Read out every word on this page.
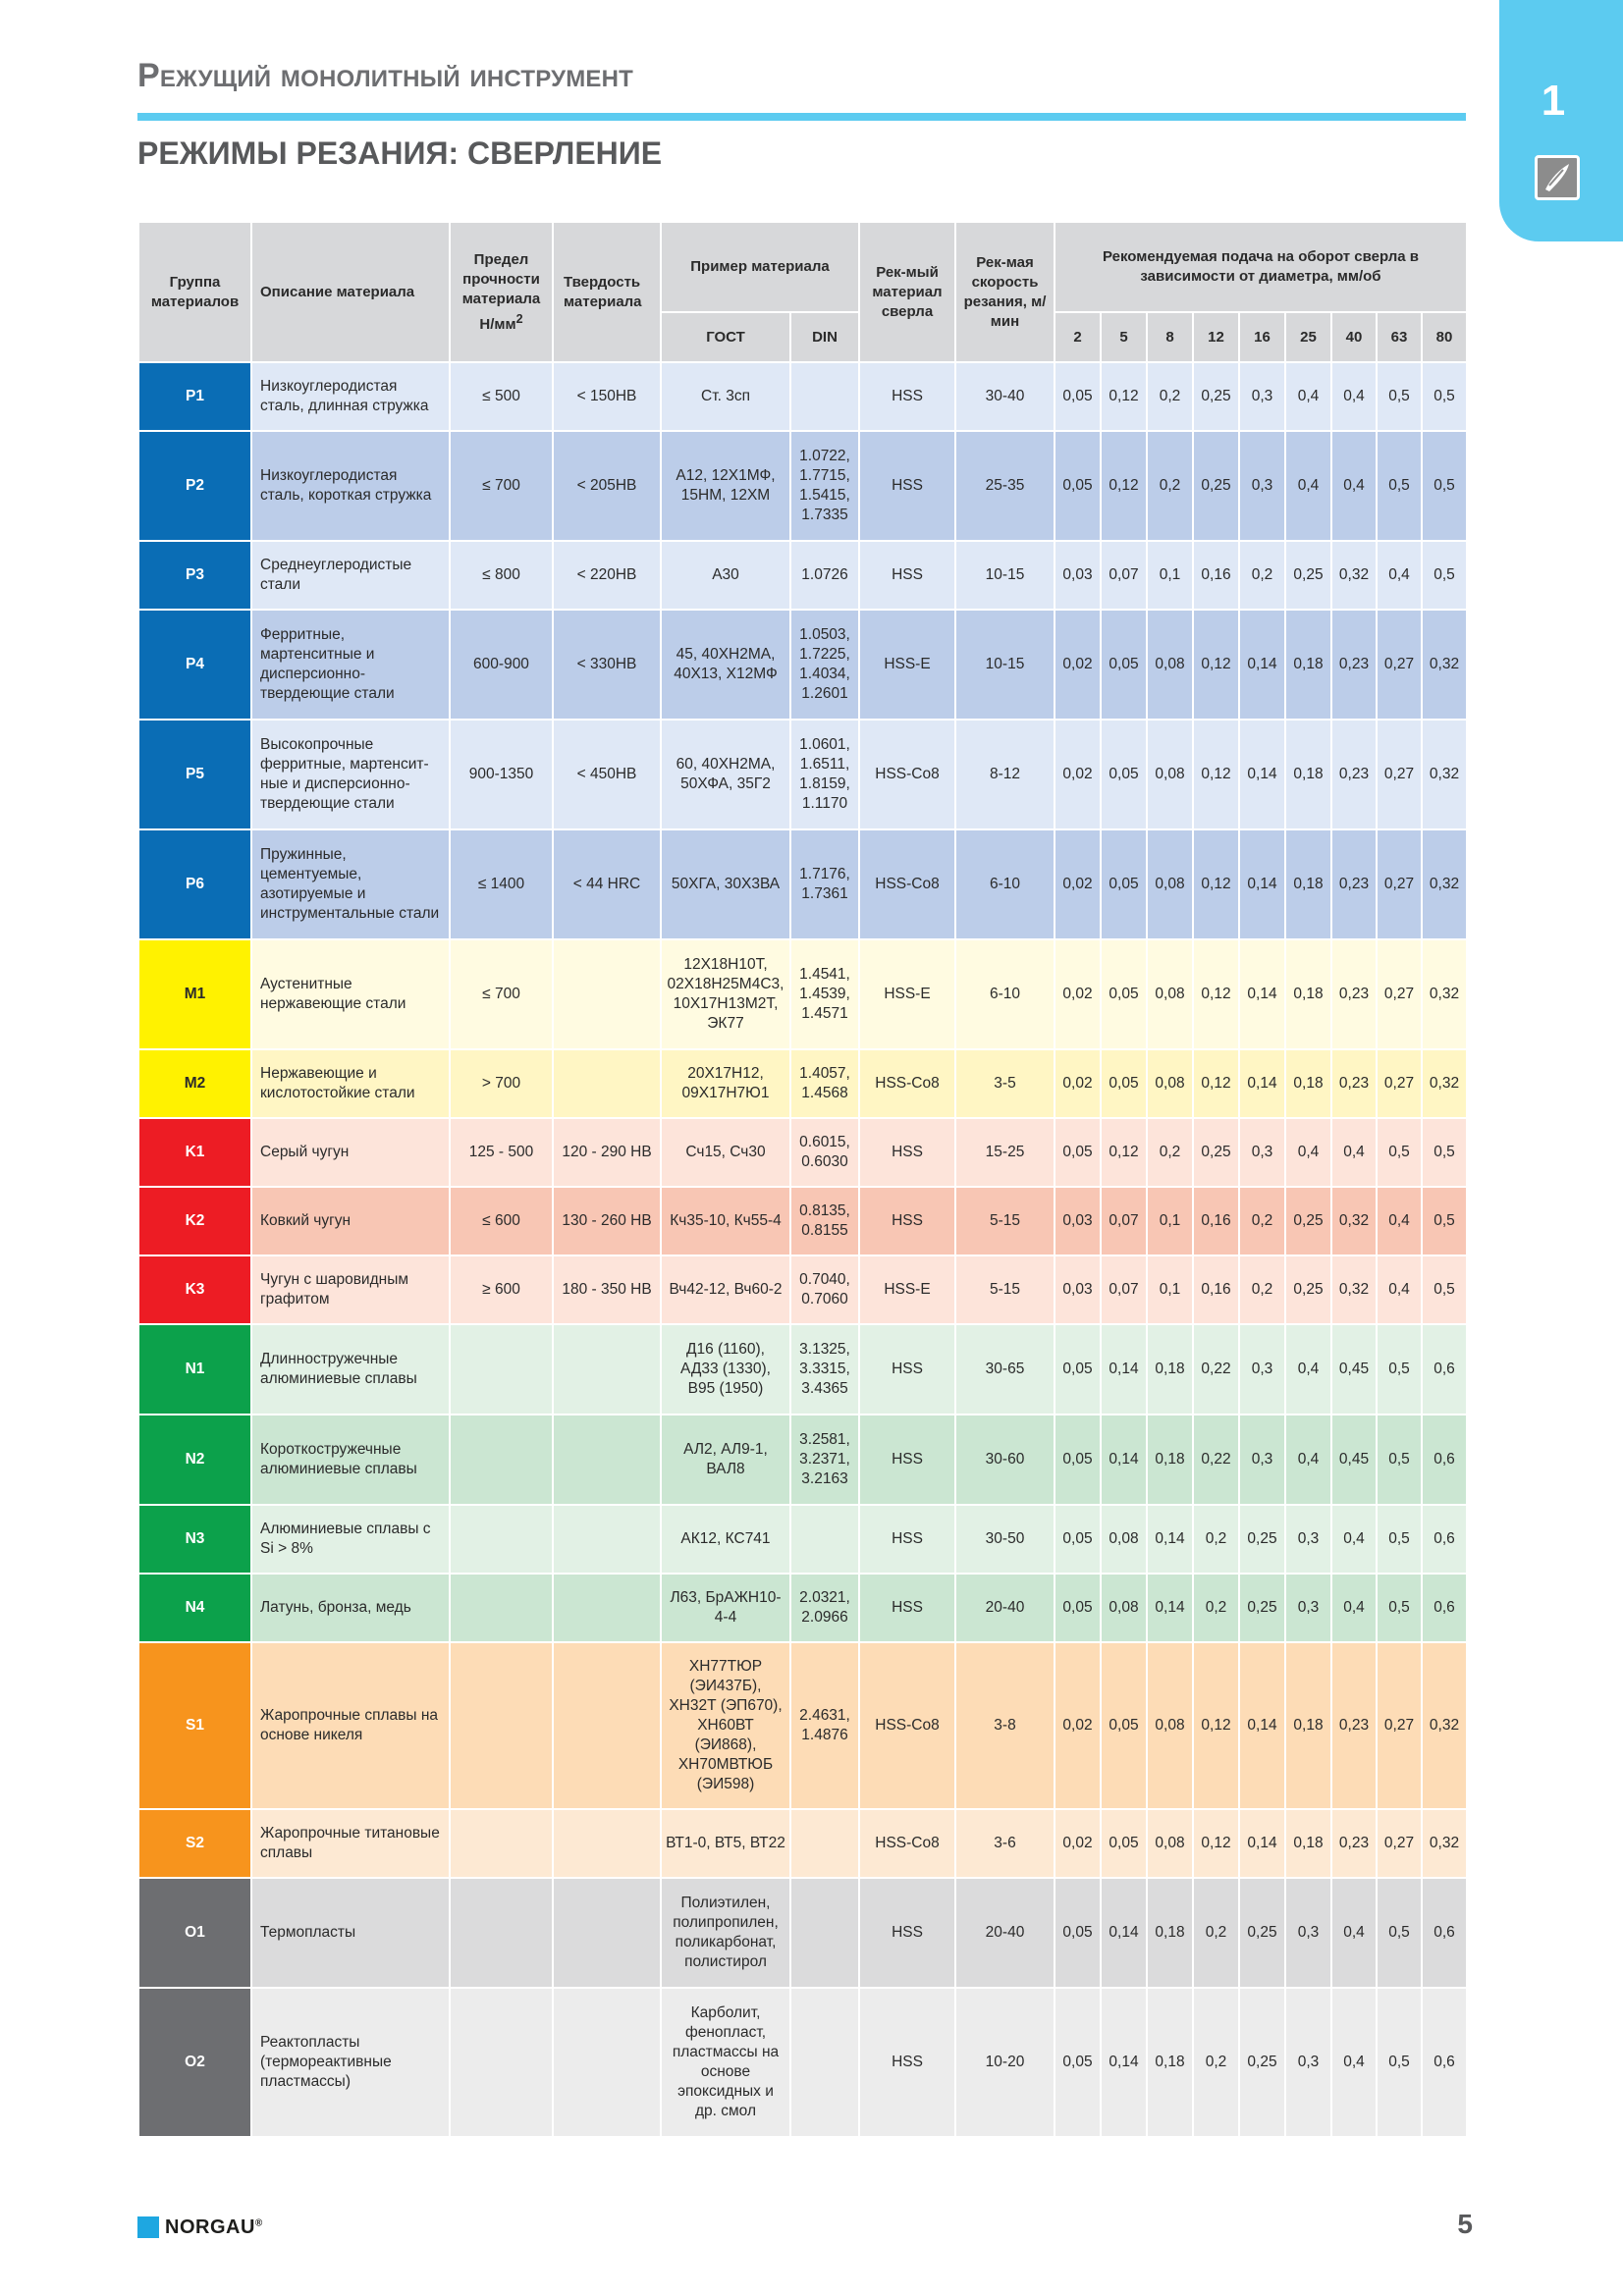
Режущий монолитный инструмент
РЕЖИМЫ РЕЗАНИЯ: СВЕРЛЕНИЕ
1
Группа материалов	Описание материала	Предел прочности материала $Н/мм^2$	Твердость материала	Пример материала		Рек-мый материал сверла	Рек-мая скорость резания, м/мин	Рекомендуемая подача на оборот сверла в зависимости от диаметра, мм/об								
				ГОСТ	DIN			2	5	8	12	16	25	40	63	80
P1	Низкоуглеродистая сталь, длинная стружка	≤ 500	< 150HB	Ст. 3сп		HSS	30-40	0,05	0,12	0,2	0,25	0,3	0,4	0,4	0,5	0,5
P2	Низкоуглеродистая сталь, короткая стружка	≤ 700	< 205HB	А12, 12Х1МФ, 15НМ, 12ХМ	1.0722, 1.7715, 1.5415, 1.7335	HSS	25-35	0,05	0,12	0,2	0,25	0,3	0,4	0,4	0,5	0,5
P3	Среднеуглеродистые стали	≤ 800	< 220HB	А30	1.0726	HSS	10-15	0,03	0,07	0,1	0,16	0,2	0,25	0,32	0,4	0,5
P4	Ферритные, мартенситные и дисперсионно-твердеющие стали	600-900	< 330HB	45, 40ХН2МА, 40Х13, Х12МФ	1.0503, 1.7225, 1.4034, 1.2601	HSS-E	10-15	0,02	0,05	0,08	0,12	0,14	0,18	0,23	0,27	0,32
P5	Высокопрочные ферритные, мартенсит-ные и дисперсионно-твердеющие стали	900-1350	< 450HB	60, 40ХН2МА, 50ХФА, 35Г2	1.0601, 1.6511, 1.8159, 1.1170	HSS-Co8	8-12	0,02	0,05	0,08	0,12	0,14	0,18	0,23	0,27	0,32
P6	Пружинные, цементуемые, азотируемые и инструментальные стали	≤ 1400	< 44 HRC	50ХГА, 30Х3ВА	1.7176, 1.7361	HSS-Co8	6-10	0,02	0,05	0,08	0,12	0,14	0,18	0,23	0,27	0,32
M1	Аустенитные нержавеющие стали	≤ 700		12Х18Н10Т, 02Х18Н25М4С3, 10Х17Н13М2Т, ЭК77	1.4541, 1.4539, 1.4571	HSS-E	6-10	0,02	0,05	0,08	0,12	0,14	0,18	0,23	0,27	0,32
M2	Нержавеющие и кислотостойкие стали	> 700		20Х17Н12, 09Х17Н7Ю1	1.4057, 1.4568	HSS-Co8	3-5	0,02	0,05	0,08	0,12	0,14	0,18	0,23	0,27	0,32
K1	Серый чугун	125 - 500	120 - 290 HB	Сч15, Сч30	0.6015, 0.6030	HSS	15-25	0,05	0,12	0,2	0,25	0,3	0,4	0,4	0,5	0,5
K2	Ковкий чугун	≤ 600	130 - 260 HB	Кч35-10, Кч55-4	0.8135, 0.8155	HSS	5-15	0,03	0,07	0,1	0,16	0,2	0,25	0,32	0,4	0,5
K3	Чугун с шаровидным графитом	≥ 600	180 - 350 HB	Вч42-12, Вч60-2	0.7040, 0.7060	HSS-E	5-15	0,03	0,07	0,1	0,16	0,2	0,25	0,32	0,4	0,5
N1	Длинностружечные алюминиевые сплавы			Д16 (1160), АД33 (1330), В95 (1950)	3.1325, 3.3315, 3.4365	HSS	30-65	0,05	0,14	0,18	0,22	0,3	0,4	0,45	0,5	0,6
N2	Короткостружечные алюминиевые сплавы			АЛ2, АЛ9-1, ВАЛ8	3.2581, 3.2371, 3.2163	HSS	30-60	0,05	0,14	0,18	0,22	0,3	0,4	0,45	0,5	0,6
N3	Алюминиевые сплавы с Si > 8%			АК12, КС741		HSS	30-50	0,05	0,08	0,14	0,2	0,25	0,3	0,4	0,5	0,6
N4	Латунь, бронза, медь			Л63, БрАЖН10-4-4	2.0321, 2.0966	HSS	20-40	0,05	0,08	0,14	0,2	0,25	0,3	0,4	0,5	0,6
S1	Жаропрочные сплавы на основе никеля			ХН77ТЮР (ЭИ437Б), ХН32Т (ЭП670), ХН60ВТ (ЭИ868), ХН70МВТЮБ (ЭИ598)	2.4631, 1.4876	HSS-Co8	3-8	0,02	0,05	0,08	0,12	0,14	0,18	0,23	0,27	0,32
S2	Жаропрочные титановые сплавы			ВТ1-0, ВТ5, ВТ22		HSS-Co8	3-6	0,02	0,05	0,08	0,12	0,14	0,18	0,23	0,27	0,32
O1	Термопласты			Полиэтилен, полипропилен, поликарбонат, полистирол		HSS	20-40	0,05	0,14	0,18	0,2	0,25	0,3	0,4	0,5	0,6
O2	Реактопласты (термореактивные пластмассы)			Карболит, фенопласт, пластмассы на основе эпоксидных и др. смол		HSS	10-20	0,05	0,14	0,18	0,2	0,25	0,3	0,4	0,5	0,6
NORGAU®	5
